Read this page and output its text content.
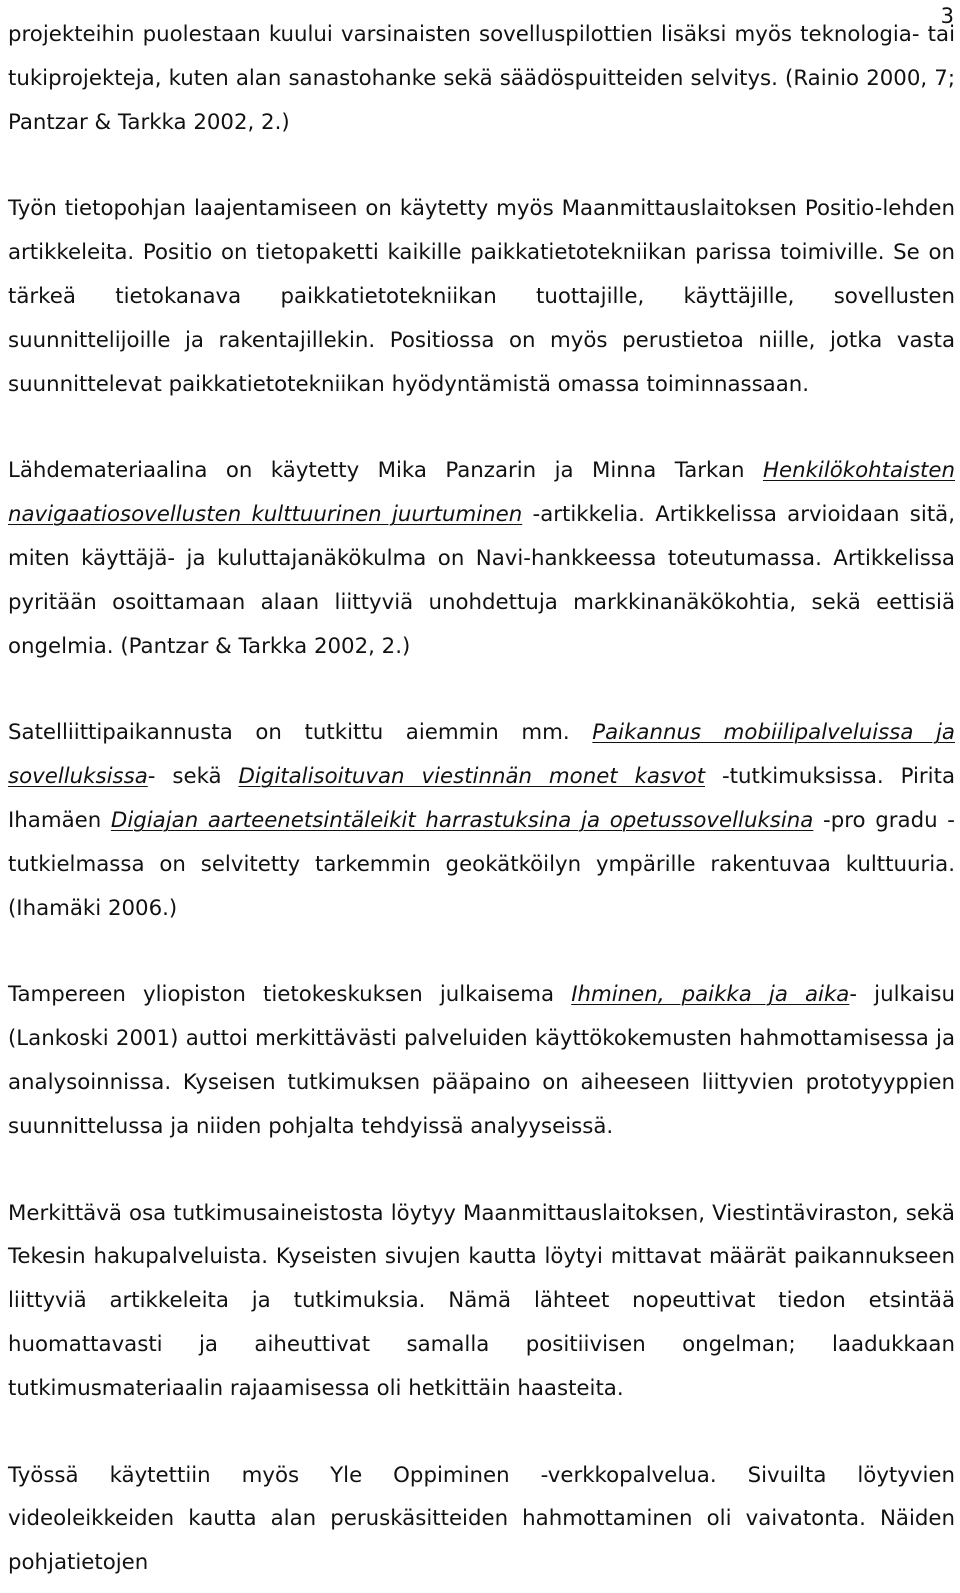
3

projekteihin puolestaan kuului varsinaisten sovelluspilottien lisäksi myös teknologia- tai tukiprojekteja, kuten alan sanastohanke sekä säädöspuitteiden selvitys. (Rainio 2000, 7; Pantzar & Tarkka 2002, 2.)

Työn tietopohjan laajentamiseen on käytetty myös Maanmittauslaitoksen Positio-lehden artikkeleita. Positio on tietopaketti kaikille paikkatietotekniikan parissa toimiville. Se on tärkeä tietokanava paikkatietotekniikan tuottajille, käyttäjille, sovellusten suunnittelijoille ja rakentajillekin. Positiossa on myös perustietoa niille, jotka vasta suunnittelevat paikkatietotekniikan hyödyntämistä omassa toiminnassaan.

Lähdemateriaalina on käytetty Mika Panzarin ja Minna Tarkan Henkilökohtaisten navigaatiosovellusten kulttuurinen juurtuminen -artikkelia. Artikkelissa arvioidaan sitä, miten käyttäjä- ja kuluttajanäkökulma on Navi-hankkeessa toteutumassa. Artikkelissa pyritään osoittamaan alaan liittyviä unohdettuja markkinanäkökohtia, sekä eettisiä ongelmia. (Pantzar & Tarkka 2002, 2.)

Satelliittipaikannusta on tutkittu aiemmin mm. Paikannus mobiilipalveluissa ja sovelluksissa- sekä Digitalisoituvan viestinnän monet kasvot -tutkimuksissa. Pirita Ihamäen Digiajan aarteenetsintäleikit harrastuksina ja opetussovelluksina -pro gradu -tutkielmassa on selvitetty tarkemmin geokätköilyn ympärille rakentuvaa kulttuuria. (Ihamäki 2006.)

Tampereen yliopiston tietokeskuksen julkaisema Ihminen, paikka ja aika- julkaisu (Lankoski 2001) auttoi merkittävästi palveluiden käyttökokemusten hahmottamisessa ja analysoinnissa. Kyseisen tutkimuksen pääpaino on aiheeseen liittyvien prototyyppien suunnittelussa ja niiden pohjalta tehdyissä analyyseissä.

Merkittävä osa tutkimusaineistosta löytyy Maanmittauslaitoksen, Viestintäviraston, sekä Tekesin hakupalveluista. Kyseisten sivujen kautta löytyi mittavat määrät paikannukseen liittyviä artikkeleita ja tutkimuksia. Nämä lähteet nopeuttivat tiedon etsintää huomattavasti ja aiheuttivat samalla positiivisen ongelman; laadukkaan tutkimusmateriaalin rajaamisessa oli hetkittäin haasteita.

Työssä käytettiin myös Yle Oppiminen -verkkopalvelua. Sivuilta löytyvien videoleikkeiden kautta alan peruskäsitteiden hahmottaminen oli vaivatonta. Näiden pohjatietojen
